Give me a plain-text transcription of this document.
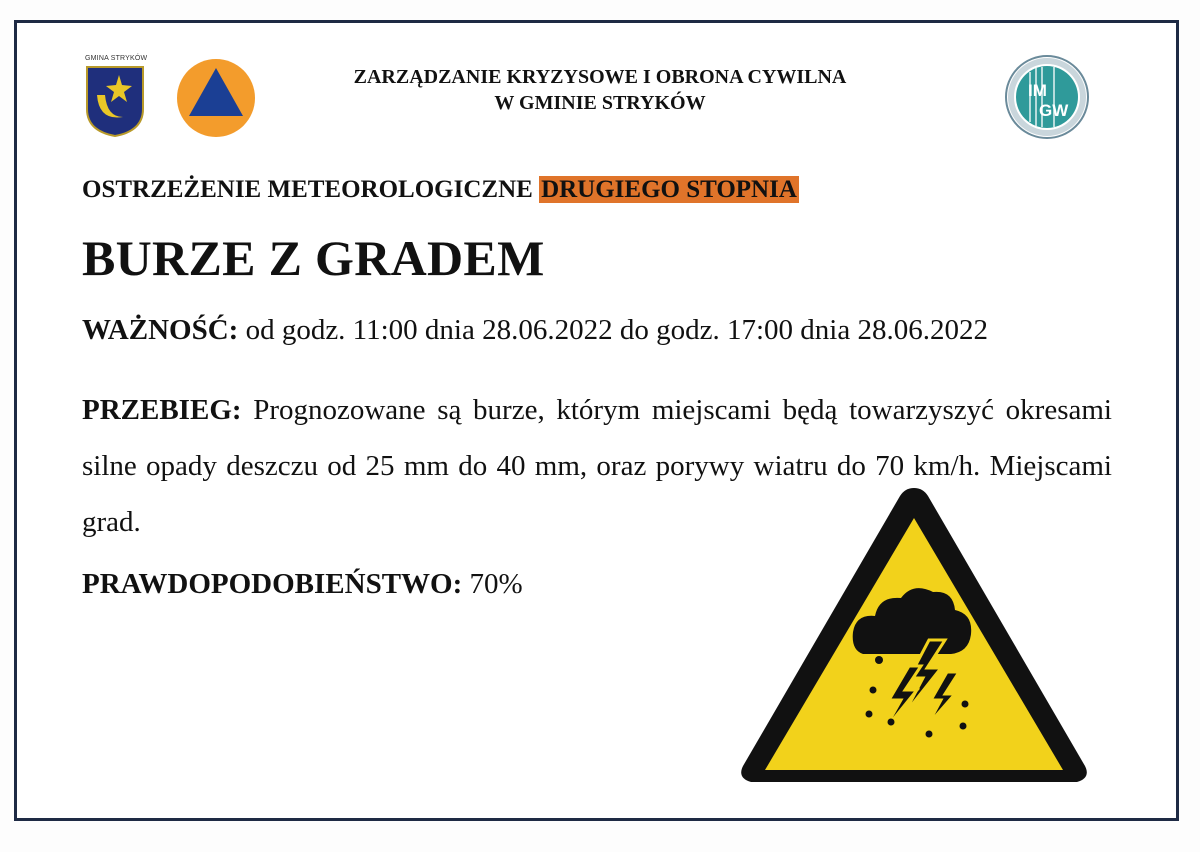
GMINA STRYKÓW
ZARZĄDZANIE KRYZYSOWE I OBRONA CYWILNA
W GMINIE STRYKÓW
IM
GW
OSTRZEŻENIE METEOROLOGICZNE DRUGIEGO STOPNIA
BURZE Z GRADEM
WAŻNOŚĆ: od godz. 11:00 dnia 28.06.2022 do godz. 17:00 dnia 28.06.2022
PRZEBIEG: Prognozowane są burze, którym miejscami będą towarzyszyć okresami silne opady deszczu od 25 mm do 40 mm, oraz porywy wiatru do 70 km/h. Miejscami grad.
PRAWDOPODOBIEŃSTWO: 70%
